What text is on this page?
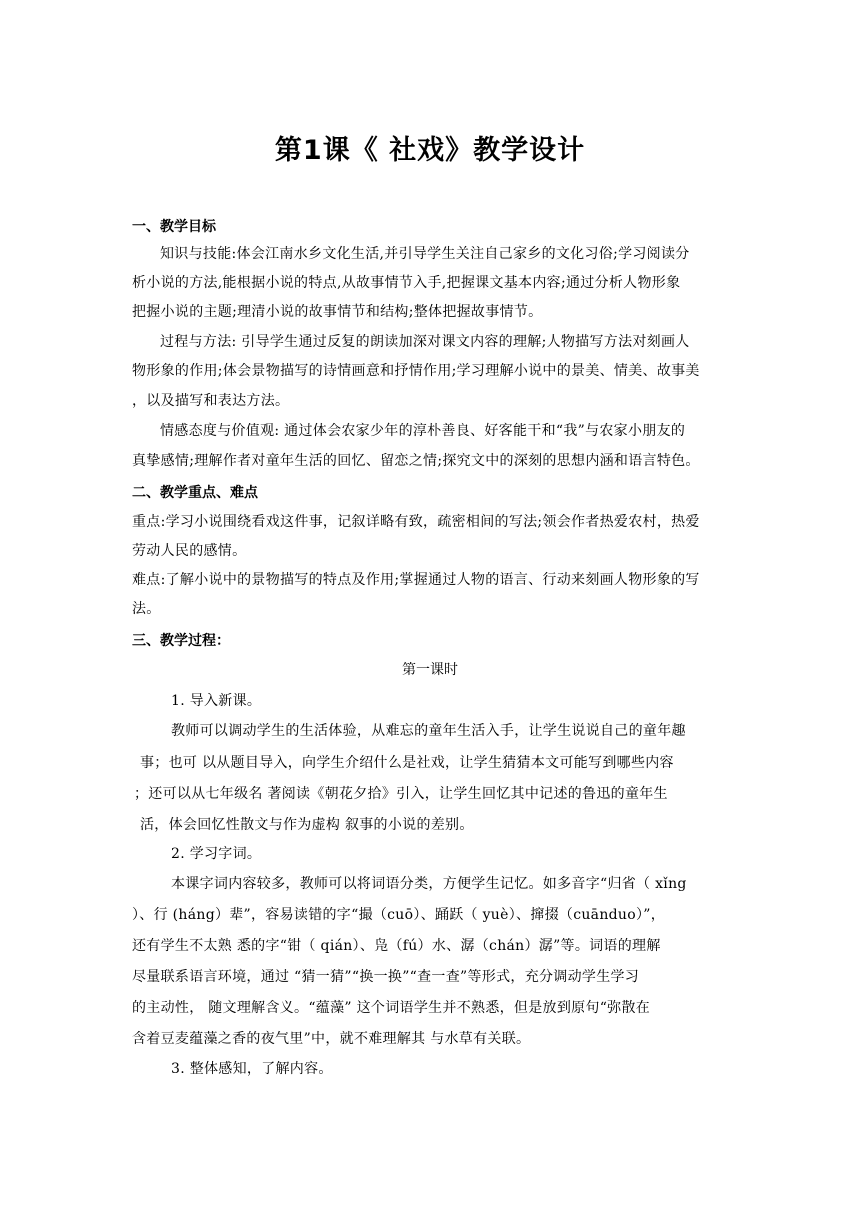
第1课《 社戏》教学设计
一、教学目标
知识与技能:体会江南水乡文化生活,并引导学生关注自己家乡的文化习俗;学习阅读分
析小说的方法,能根据小说的特点,从故事情节入手,把握课文基本内容;通过分析人物形象
把握小说的主题;理清小说的故事情节和结构;整体把握故事情节。
过程与方法: 引导学生通过反复的朗读加深对课文内容的理解;人物描写方法对刻画人
物形象的作用;体会景物描写的诗情画意和抒情作用;学习理解小说中的景美、情美、故事美
，以及描写和表达方法。
情感态度与价值观: 通过体会农家少年的淳朴善良、好客能干和“我”与农家小朋友的
真挚感情;理解作者对童年生活的回忆、留恋之情;探究文中的深刻的思想内涵和语言特色。
二、教学重点、难点
重点:学习小说围绕看戏这件事，记叙详略有致，疏密相间的写法;领会作者热爱农村，热爱
劳动人民的感情。
难点:了解小说中的景物描写的特点及作用;掌握通过人物的语言、行动来刻画人物形象的写
法。
三、教学过程：
第一课时
1. 导入新课。
教师可以调动学生的生活体验，从难忘的童年生活入手，让学生说说自己的童年趣
事；也可 以从题目导入，向学生介绍什么是社戏，让学生猜猜本文可能写到哪些内容
；还可以从七年级名 著阅读《朝花夕拾》引入，让学生回忆其中记述的鲁迅的童年生
活，体会回忆性散文与作为虚构 叙事的小说的差别。
2. 学习字词。
本课字词内容较多，教师可以将词语分类，方便学生记忆。如多音字“归省（ xǐng
）、行 (háng）辈”，容易读错的字“撮（cuō）、踊跃（ yuè）、撺掇（cuānduo）”，
还有学生不太熟 悉的字“钳（ qián）、凫（fú）水、潺（chán）潺”等。词语的理解
尽量联系语言环境，通过 “猜一猜”“换一换”“查一查”等形式，充分调动学生学习
的主动性， 随文理解含义。“蕴藻” 这个词语学生并不熟悉，但是放到原句“弥散在
含着豆麦蕴藻之香的夜气里”中，就不难理解其 与水草有关联。
3. 整体感知，了解内容。
